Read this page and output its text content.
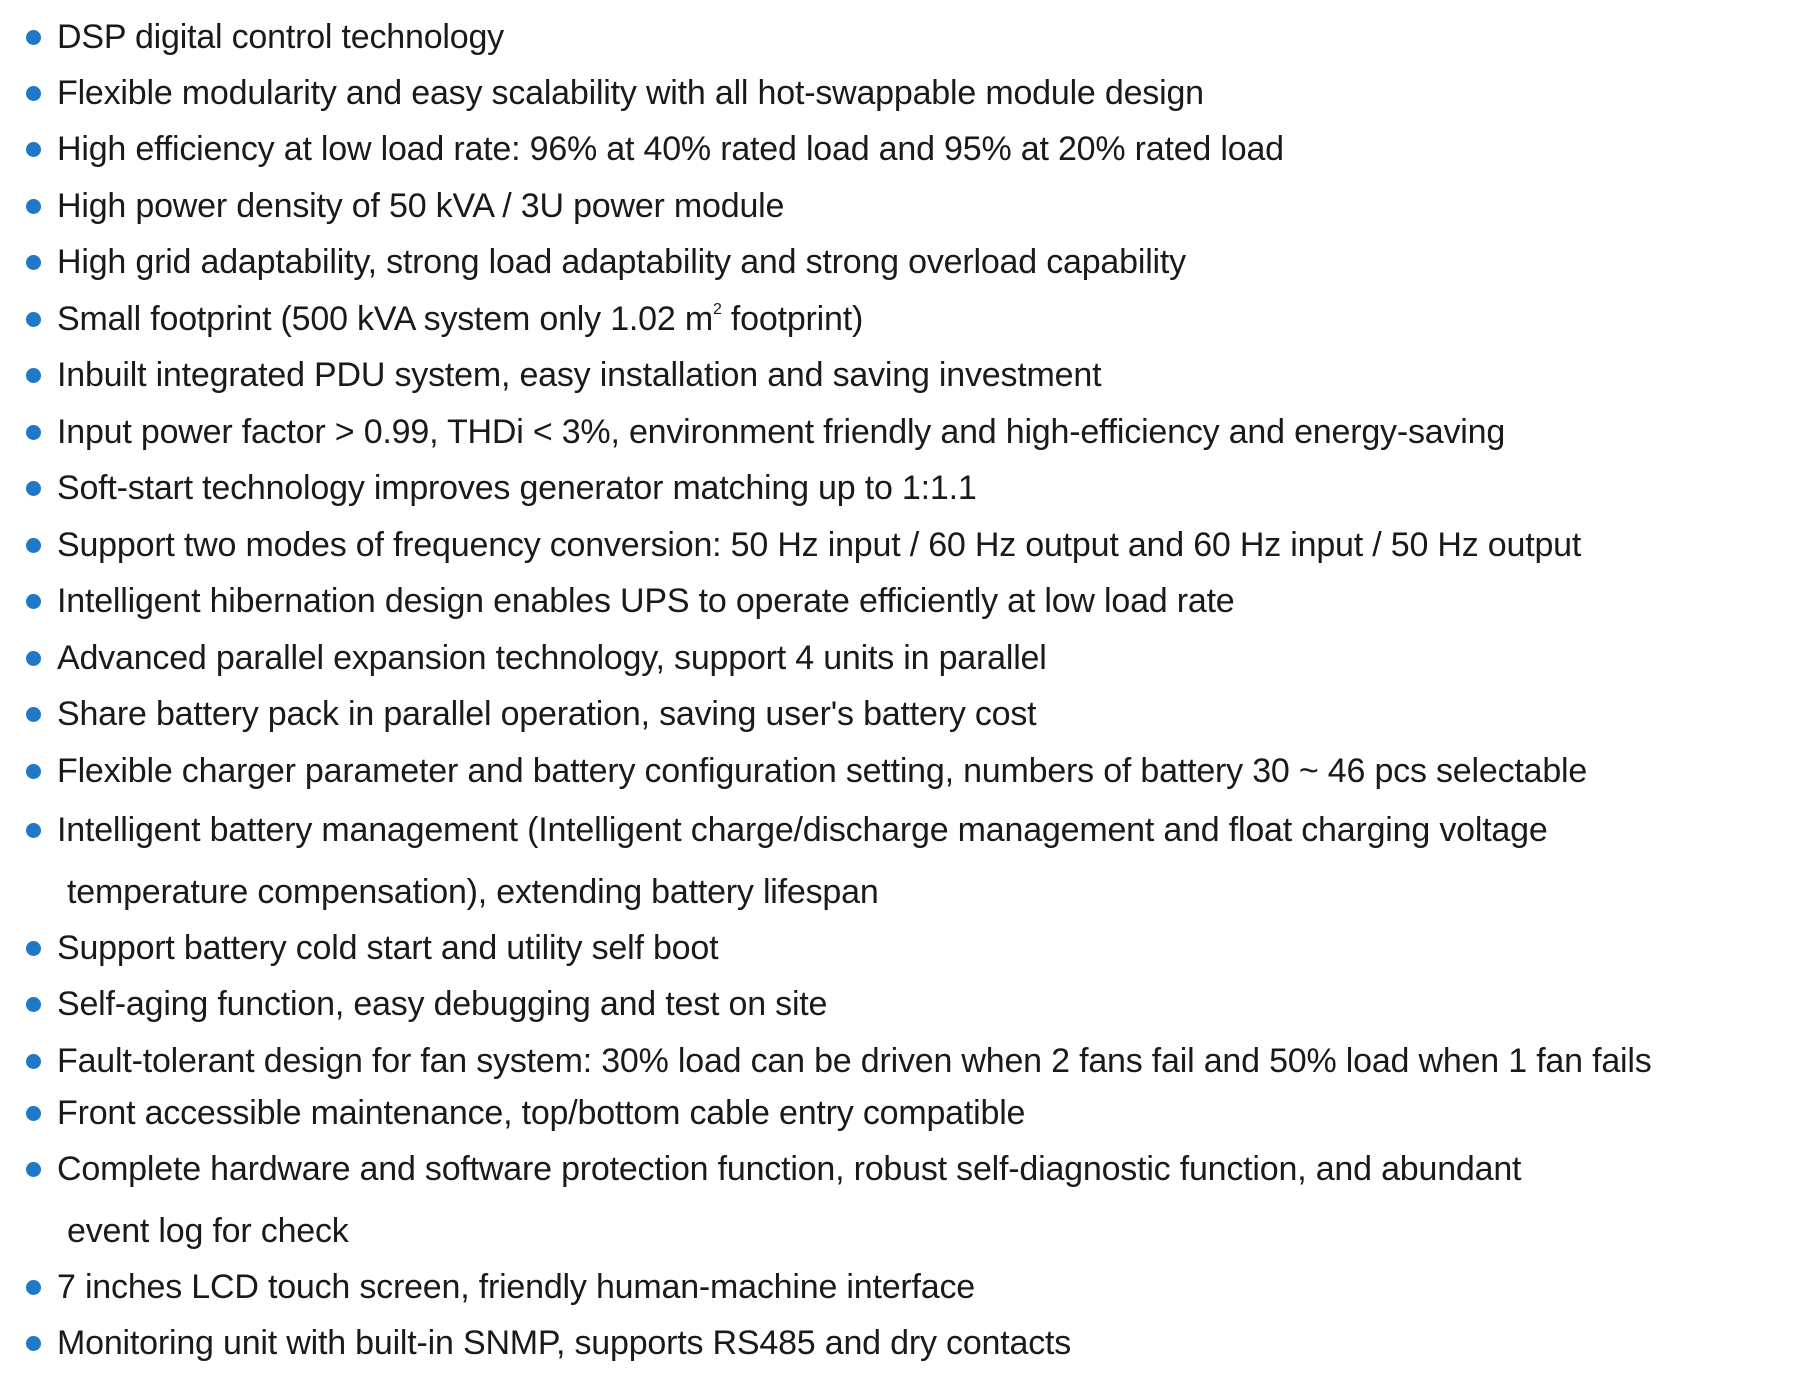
DSP digital control technology
Flexible modularity and easy scalability with all hot-swappable module design
High efficiency at low load rate: 96% at 40% rated load and 95% at 20% rated load
High power density of 50 kVA / 3U power module
High grid adaptability, strong load adaptability and strong overload capability
Small footprint (500 kVA system only 1.02 $m^2$ footprint)
Inbuilt integrated PDU system, easy installation and saving investment
Input power factor > 0.99, THDi < 3%, environment friendly and high-efficiency and energy-saving
Soft-start technology improves generator matching up to 1:1.1
Support two modes of frequency conversion: 50 Hz input / 60 Hz output and 60 Hz input / 50 Hz output
Intelligent hibernation design enables UPS to operate efficiently at low load rate
Advanced parallel expansion technology, support 4 units in parallel
Share battery pack in parallel operation, saving user's battery cost
Flexible charger parameter and battery configuration setting, numbers of battery 30 ~ 46 pcs selectable
Intelligent battery management (Intelligent charge/discharge management and float charging voltage
temperature compensation), extending battery lifespan
Support battery cold start and utility self boot
Self-aging function, easy debugging and test on site
Fault-tolerant design for fan system: 30% load can be driven when 2 fans fail and 50% load when 1 fan fails
Front accessible maintenance, top/bottom cable entry compatible
Complete hardware and software protection function, robust self-diagnostic function, and abundant
event log for check
7 inches LCD touch screen, friendly human-machine interface
Monitoring unit with built-in SNMP, supports RS485 and dry contacts
